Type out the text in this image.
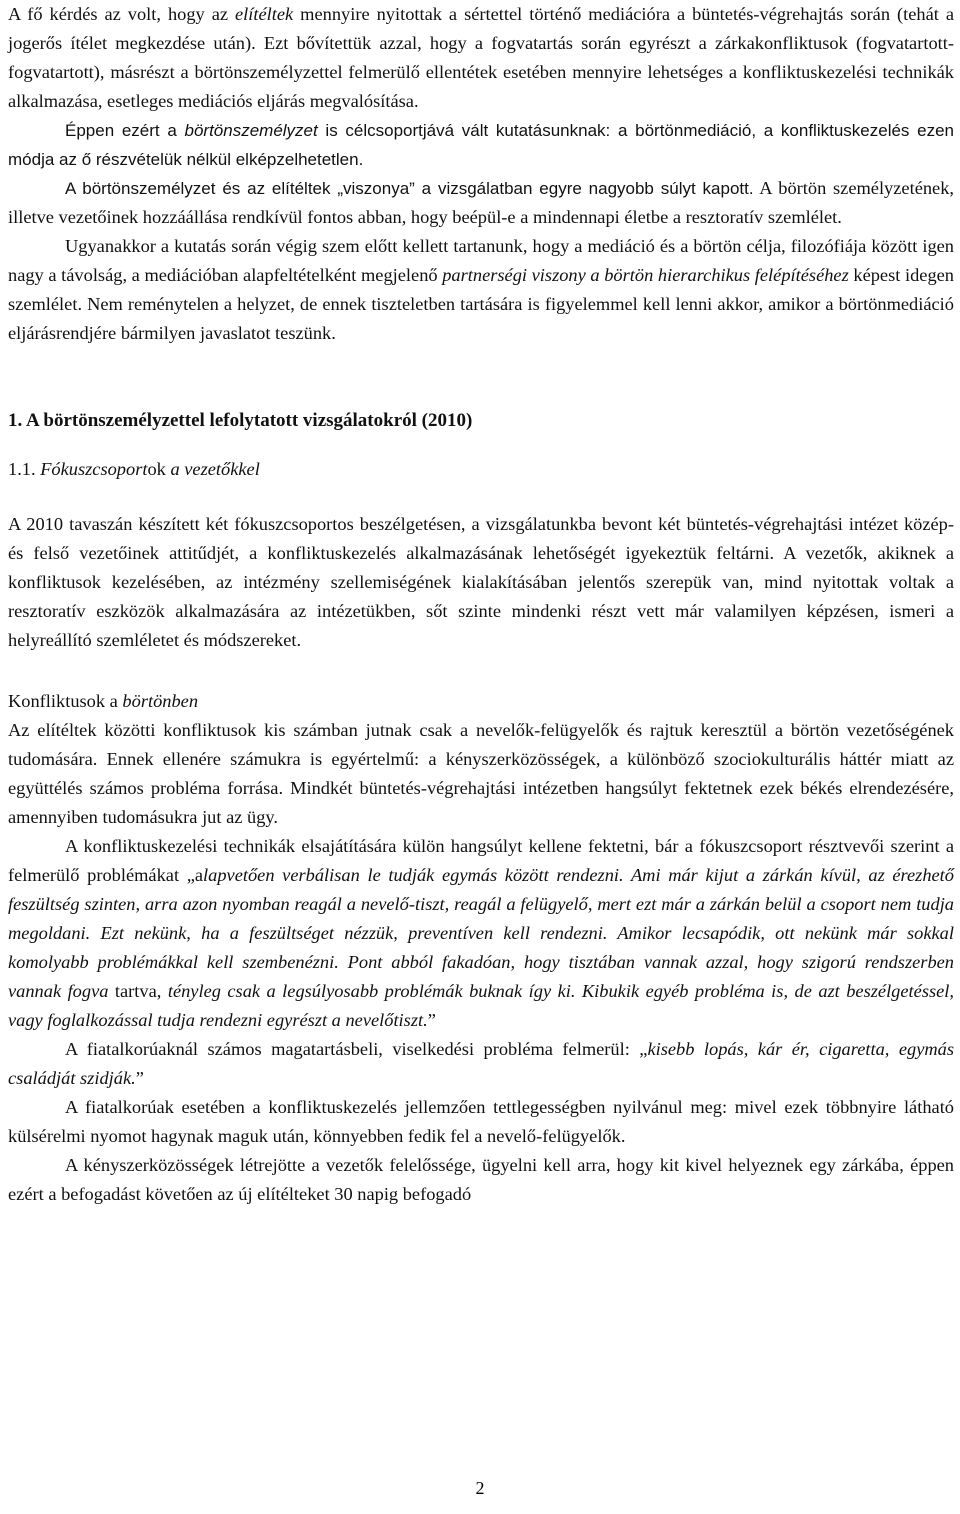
A fő kérdés az volt, hogy az elítéltek mennyire nyitottak a sértettel történő mediációra a büntetés-végrehajtás során (tehát a jogerős ítélet megkezdése után). Ezt bővítettük azzal, hogy a fogvatartás során egyrészt a zárkakonfliktusok (fogvatartott-fogvatartott), másrészt a börtönszemélyzettel felmerülő ellentétek esetében mennyire lehetséges a konfliktuskezelési technikák alkalmazása, esetleges mediációs eljárás megvalósítása.

Éppen ezért a börtönszemélyzet is célcsoportjává vált kutatásunknak: a börtönmediáció, a konfliktuskezelés ezen módja az ő részvételük nélkül elképzelhetetlen.

A börtönszemélyzet és az elítéltek „viszonya” a vizsgálatban egyre nagyobb súlyt kapott. A börtön személyzetének, illetve vezetőinek hozzáállása rendkívül fontos abban, hogy beépül-e a mindennapi életbe a resztoratív szemlélet.

Ugyanakkor a kutatás során végig szem előtt kellett tartanunk, hogy a mediáció és a börtön célja, filozófiája között igen nagy a távolság, a mediációban alapfeltételként megjelenő partnerségi viszony a börtön hierarchikus felépítéséhez képest idegen szemlélet. Nem reménytelen a helyzet, de ennek tiszteletben tartására is figyelemmel kell lenni akkor, amikor a börtönmediáció eljárásrendjére bármilyen javaslatot teszünk.

1. A börtönszemélyzettel lefolytatott vizsgálatokról (2010)

1.1. Fókuszcsoportok a vezetőkkel

A 2010 tavaszán készített két fókuszcsoportos beszélgetésen, a vizsgálatunkba bevont két büntetés-végrehajtási intézet közép- és felső vezetőinek attitűdjét, a konfliktuskezelés alkalmazásának lehetőségét igyekeztük feltárni. A vezetők, akiknek a konfliktusok kezelésében, az intézmény szellemiségének kialakításában jelentős szerepük van, mind nyitottak voltak a resztoratív eszközök alkalmazására az intézetükben, sőt szinte mindenki részt vett már valamilyen képzésen, ismeri a helyreállító szemléletet és módszereket.

Konfliktusok a börtönben

Az elítéltek közötti konfliktusok kis számban jutnak csak a nevelők-felügyelők és rajtuk keresztül a börtön vezetőségének tudomására. Ennek ellenére számukra is egyértelmű: a kényszerközösségek, a különböző szociokulturális háttér miatt az együttélés számos probléma forrása. Mindkét büntetés-végrehajtási intézetben hangsúlyt fektetnek ezek békés elrendezésére, amennyiben tudomásukra jut az ügy.

A konfliktuskezelési technikák elsajátítására külön hangsúlyt kellene fektetni, bár a fókuszcsoport résztvevői szerint a felmerülő problémákat „alapvetően verbálisan le tudják egymás között rendezni. Ami már kijut a zárkán kívül, az érezhető feszültség szinten, arra azon nyomban reagál a nevelő-tiszt, reagál a felügyelő, mert ezt már a zárkán belül a csoport nem tudja megoldani. Ezt nekünk, ha a feszültséget nézzük, preventíven kell rendezni. Amikor lecsapódik, ott nekünk már sokkal komolyabb problémákkal kell szembenézni. Pont abból fakadóan, hogy tisztában vannak azzal, hogy szigorú rendszerben vannak fogva tartva, tényleg csak a legsúlyosabb problémák buknak így ki. Kibukik egyéb probléma is, de azt beszélgetéssel, vagy foglalkozással tudja rendezni egyrészt a nevelőtiszt.”

A fiatalkorúaknál számos magatartásbeli, viselkedési probléma felmerül: „kisebb lopás, kár ér, cigaretta, egymás családját szidják.”

A fiatalkorúak esetében a konfliktuskezelés jellemzően tettlegességben nyilvánul meg: mivel ezek többnyire látható külsérelmi nyomot hagynak maguk után, könnyebben fedik fel a nevelő-felügyelők.

A kényszerközösségek létrejötte a vezetők felelőssége, ügyelni kell arra, hogy kit kivel helyeznek egy zárkába, éppen ezért a befogadást követően az új elítélteket 30 napig befogadó

2
